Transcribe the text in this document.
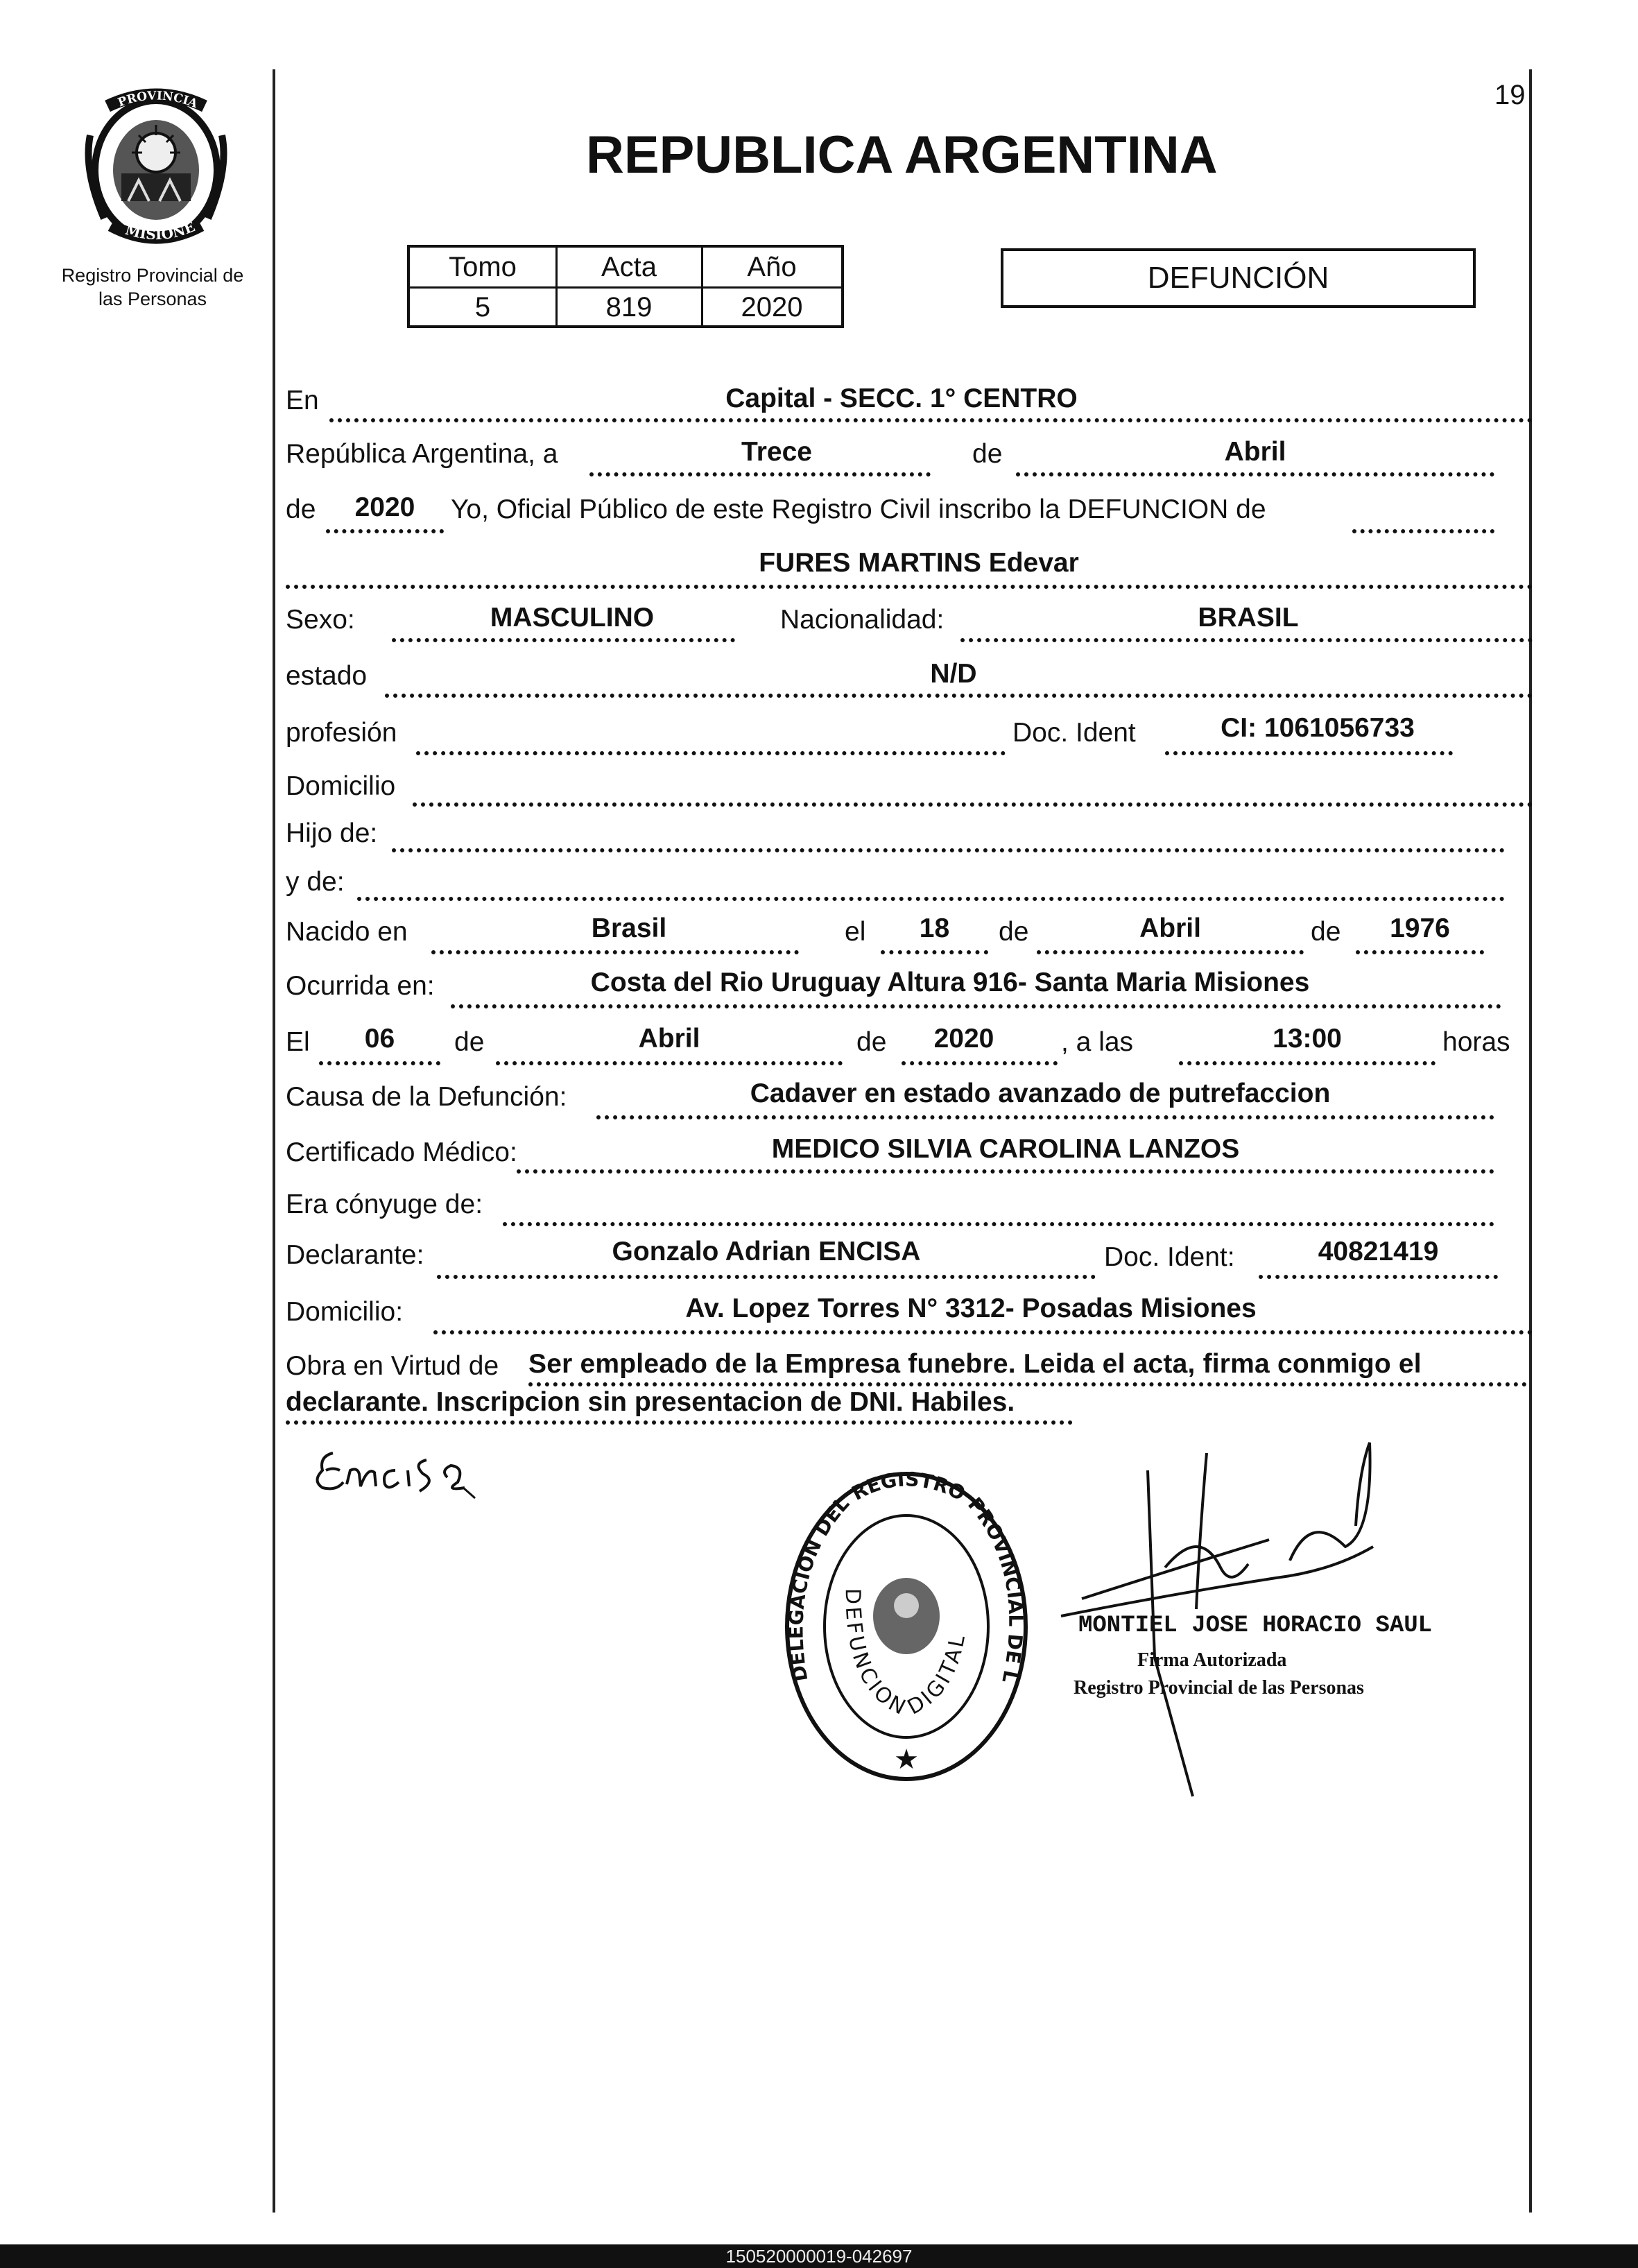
19
PROVINCIA
MISIONE
Registro Provincial de
las Personas
REPUBLICA ARGENTINA
Tomo	Acta	Año
5	819	2020
DEFUNCIÓN
En	Capital - SECC. 1° CENTRO
República Argentina, a	Trece	de	Abril
de	2020	Yo, Oficial Público de este Registro Civil inscribo la DEFUNCION de
FURES MARTINS Edevar
Sexo:	MASCULINO	Nacionalidad:	BRASIL
estado	N/D
profesión	Doc. Ident	CI: 1061056733
Domicilio
Hijo de:
y de:
Nacido en	Brasil	el	18	de	Abril	de	1976
Ocurrida en:	Costa del Rio Uruguay Altura 916- Santa Maria Misiones
El	06	de	Abril	de	2020	, a las	13:00	horas
Causa de la Defunción:	Cadaver en estado avanzado de putrefaccion
Certificado Médico:	MEDICO SILVIA CAROLINA LANZOS
Era cónyuge de:
Declarante:	Gonzalo Adrian ENCISA	Doc. Ident:	40821419
Domicilio:	Av. Lopez Torres N° 3312- Posadas Misiones
Obra en Virtud de Ser empleado de la Empresa funebre. Leida el acta, firma conmigo el
declarante. Inscripcion sin presentacion de DNI. Habiles.
DELEGACION DEL REGISTRO PROVINCIAL DE L
DEFUNCION DIGITAL
★
MONTIEL JOSE HORACIO SAUL
Firma Autorizada
Registro Provincial de las Personas
150520000019-042697
